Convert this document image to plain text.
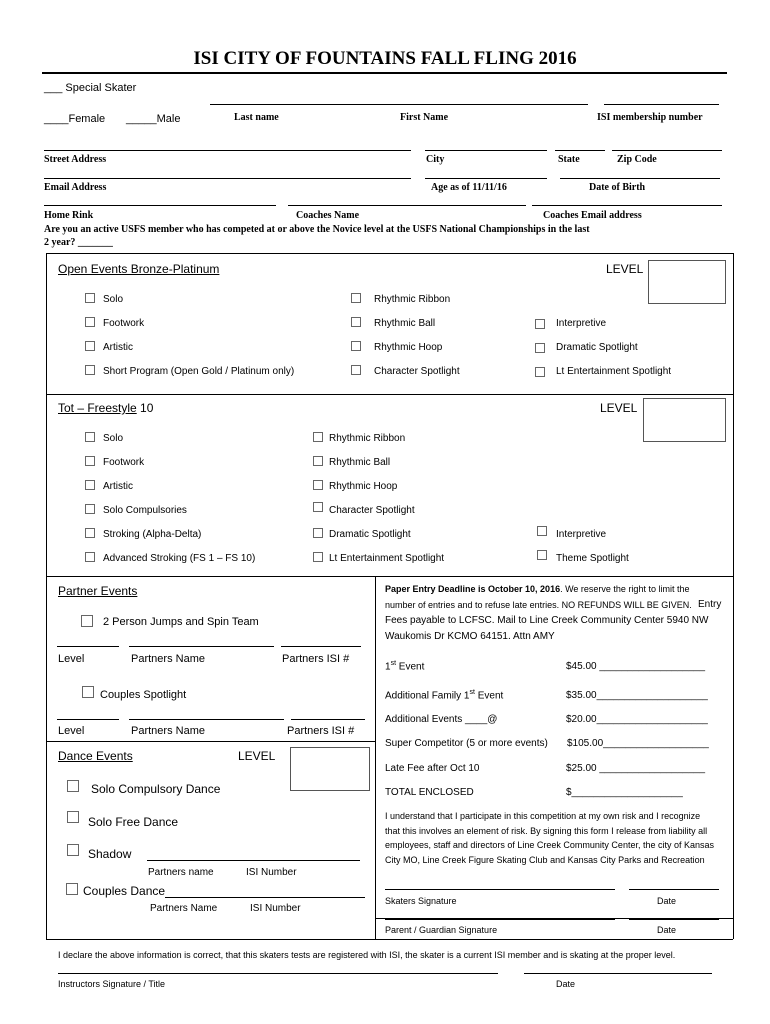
ISI CITY OF FOUNTAINS FALL FLING 2016
___ Special Skater
____Female _____Male	Last name	First Name	ISI membership number
Street Address	City	State	Zip Code
Email Address	Age as of 11/11/16	Date of Birth
Home Rink	Coaches Name	Coaches Email address
Are you an active USFS member who has competed at or above the Novice level at the USFS National Championships in the last
2 year? _______
Open Events Bronze-Platinum	LEVEL
Solo
Footwork
Artistic
Short Program (Open Gold / Platinum only)
Rhythmic Ribbon
Rhythmic Ball
Rhythmic Hoop
Character Spotlight
Interpretive
Dramatic Spotlight
Lt Entertainment Spotlight
Tot – Freestyle 10	LEVEL
Solo
Footwork
Artistic
Solo Compulsories
Stroking (Alpha-Delta)
Advanced Stroking (FS 1 – FS 10)
Rhythmic Ribbon
Rhythmic Ball
Rhythmic Hoop
Character Spotlight
Dramatic Spotlight
Lt Entertainment Spotlight
Interpretive
Theme Spotlight
Partner Events
2 Person Jumps and Spin Team
Level	Partners Name	Partners ISI #
Couples Spotlight
Level	Partners Name	Partners ISI #
Dance Events	LEVEL
Solo Compulsory Dance
Solo Free Dance
Shadow
Partners name	ISI Number
Couples Dance
Partners Name	ISI Number
Paper Entry Deadline is October 10, 2016. We reserve the right to limit the
number of entries and to refuse late entries. NO REFUNDS WILL BE GIVEN. Entry
Fees payable to LCFSC. Mail to Line Creek Community Center 5940 NW
Waukomis Dr KCMO 64151. Attn AMY
1st Event	$45.00 ___________________
Additional Family 1st Event	$35.00____________________
Additional Events ____@	$20.00____________________
Super Competitor (5 or more events) $105.00___________________
Late Fee after Oct 10	$25.00 ___________________
TOTAL ENCLOSED	$____________________
I understand that I participate in this competition at my own risk and I recognize
that this involves an element of risk. By signing this form I release from liability all
employees, staff and directors of Line Creek Community Center, the city of Kansas
City MO, Line Creek Figure Skating Club and Kansas City Parks and Recreation
Skaters Signature	Date
Parent / Guardian Signature	Date
I declare the above information is correct, that this skaters tests are registered with ISI, the skater is a current ISI member and is skating at the proper level.
Instructors Signature / Title	Date
